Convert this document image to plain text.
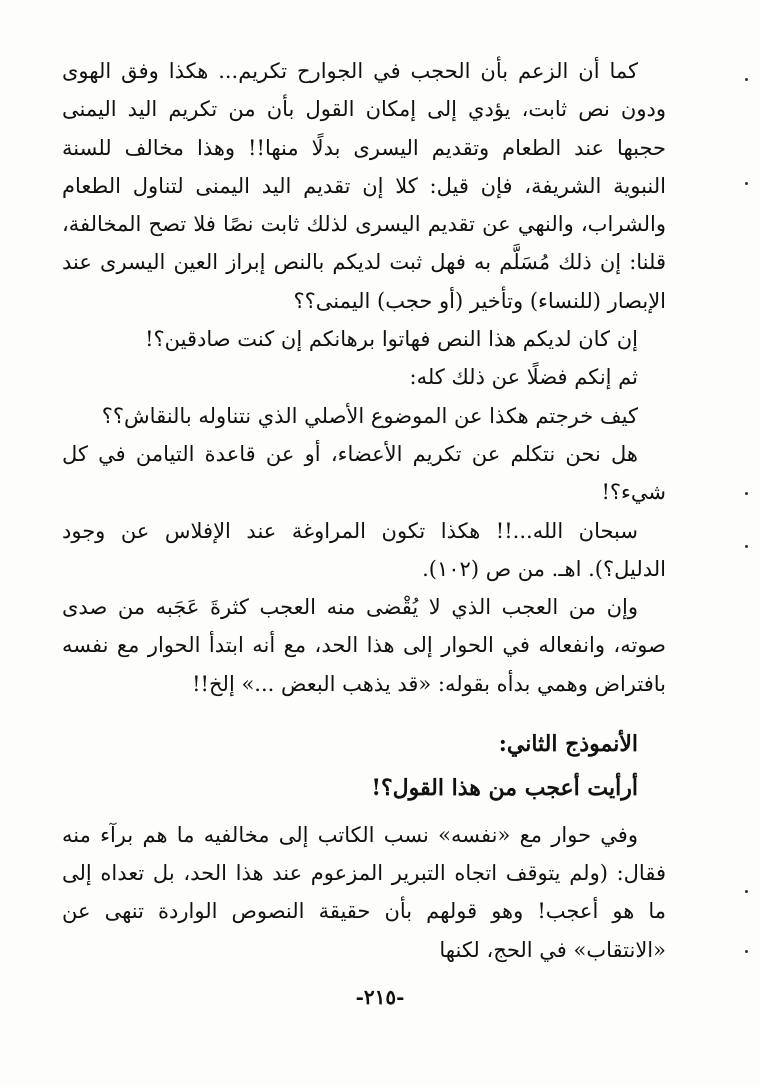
كما أن الزعم بأن الحجب في الجوارح تكريم... هكذا وفق الهوى ودون نص ثابت، يؤدي إلى إمكان القول بأن من تكريم اليد اليمنى حجبها عند الطعام وتقديم اليسرى بدلًا منها!! وهذا مخالف للسنة النبوية الشريفة، فإن قيل: كلا إن تقديم اليد اليمنى لتناول الطعام والشراب، والنهي عن تقديم اليسرى لذلك ثابت نصًا فلا تصح المخالفة، قلنا: إن ذلك مُسَلَّم به فهل ثبت لديكم بالنص إبراز العين اليسرى عند الإبصار (للنساء) وتأخير (أو حجب) اليمنى؟؟

إن كان لديكم هذا النص فهاتوا برهانكم إن كنت صادقين؟!

ثم إنكم فضلًا عن ذلك كله:

كيف خرجتم هكذا عن الموضوع الأصلي الذي نتناوله بالنقاش؟؟

هل نحن نتكلم عن تكريم الأعضاء، أو عن قاعدة التيامن في كل شيء؟!

سبحان الله...!! هكذا تكون المراوغة عند الإفلاس عن وجود الدليل؟). اهـ. من ص (١٠٢).

وإن من العجب الذي لا يُقْضى منه العجب كثرةَ عَجَبه من صدى صوته، وانفعاله في الحوار إلى هذا الحد، مع أنه ابتدأ الحوار مع نفسه بافتراض وهمي بدأه بقوله: «قد يذهب البعض ...» إلخ!!

الأنموذج الثاني:

أرأيت أعجب من هذا القول؟!

وفي حوار مع «نفسه» نسب الكاتب إلى مخالفيه ما هم برآء منه فقال: (ولم يتوقف اتجاه التبرير المزعوم عند هذا الحد، بل تعداه إلى ما هو أعجب! وهو قولهم بأن حقيقة النصوص الواردة تنهى عن «الانتقاب» في الحج، لكنها

-٢١٥-
